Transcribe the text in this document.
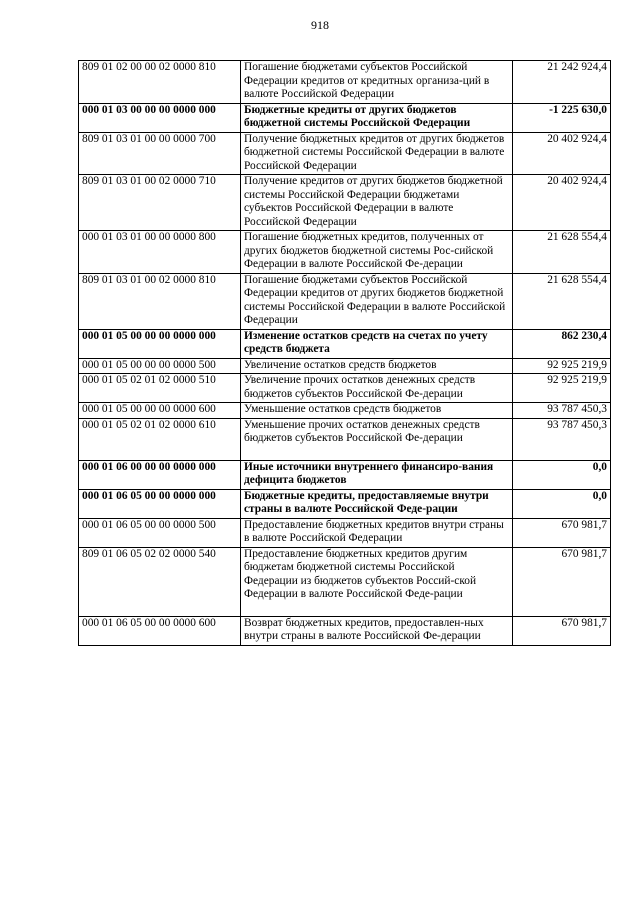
918
809 01 02 00 00 02 0000 810	Погашение бюджетами субъектов Российской Федерации кредитов от кредитных организа-ций в валюте Российской Федерации	21 242 924,4
000 01 03 00 00 00 0000 000	Бюджетные кредиты от других бюджетов бюджетной системы Российской Федерации	-1 225 630,0
809 01 03 01 00 00 0000 700	Получение бюджетных кредитов от других бюджетов бюджетной системы Российской Федерации в валюте Российской Федерации	20 402 924,4
809 01 03 01 00 02 0000 710	Получение кредитов от других бюджетов бюджетной системы Российской Федерации бюджетами субъектов Российской Федерации в валюте Российской Федерации	20 402 924,4
000 01 03 01 00 00 0000 800	Погашение бюджетных кредитов, полученных от других бюджетов бюджетной системы Рос-сийской Федерации в валюте Российской Фе-дерации	21 628 554,4
809 01 03 01 00 02 0000 810	Погашение бюджетами субъектов Российской Федерации кредитов от других бюджетов бюджетной системы Российской Федерации в валюте Российской Федерации	21 628 554,4
000 01 05 00 00 00 0000 000	Изменение остатков средств на счетах по учету средств бюджета	862 230,4
000 01 05 00 00 00 0000 500	Увеличение остатков средств бюджетов	92 925 219,9
000 01 05 02 01 02 0000 510	Увеличение прочих остатков денежных средств бюджетов субъектов Российской Фе-дерации	92 925 219,9
000 01 05 00 00 00 0000 600	Уменьшение остатков средств бюджетов	93 787 450,3
000 01 05 02 01 02 0000 610	Уменьшение прочих остатков денежных средств бюджетов субъектов Российской Фе-дерации	93 787 450,3
000 01 06 00 00 00 0000 000	Иные источники внутреннего финансиро-вания дефицита бюджетов	0,0
000 01 06 05 00 00 0000 000	Бюджетные кредиты, предоставляемые внутри страны в валюте Российской Феде-рации	0,0
000 01 06 05 00 00 0000 500	Предоставление бюджетных кредитов внутри страны в валюте Российской Федерации	670 981,7
809 01 06 05 02 02 0000 540	Предоставление бюджетных кредитов другим бюджетам бюджетной системы Российской Федерации из бюджетов субъектов Россий-ской Федерации в валюте Российской Феде-рации	670 981,7
000 01 06 05 00 00 0000 600	Возврат бюджетных кредитов, предоставлен-ных внутри страны в валюте Российской Фе-дерации	670 981,7
